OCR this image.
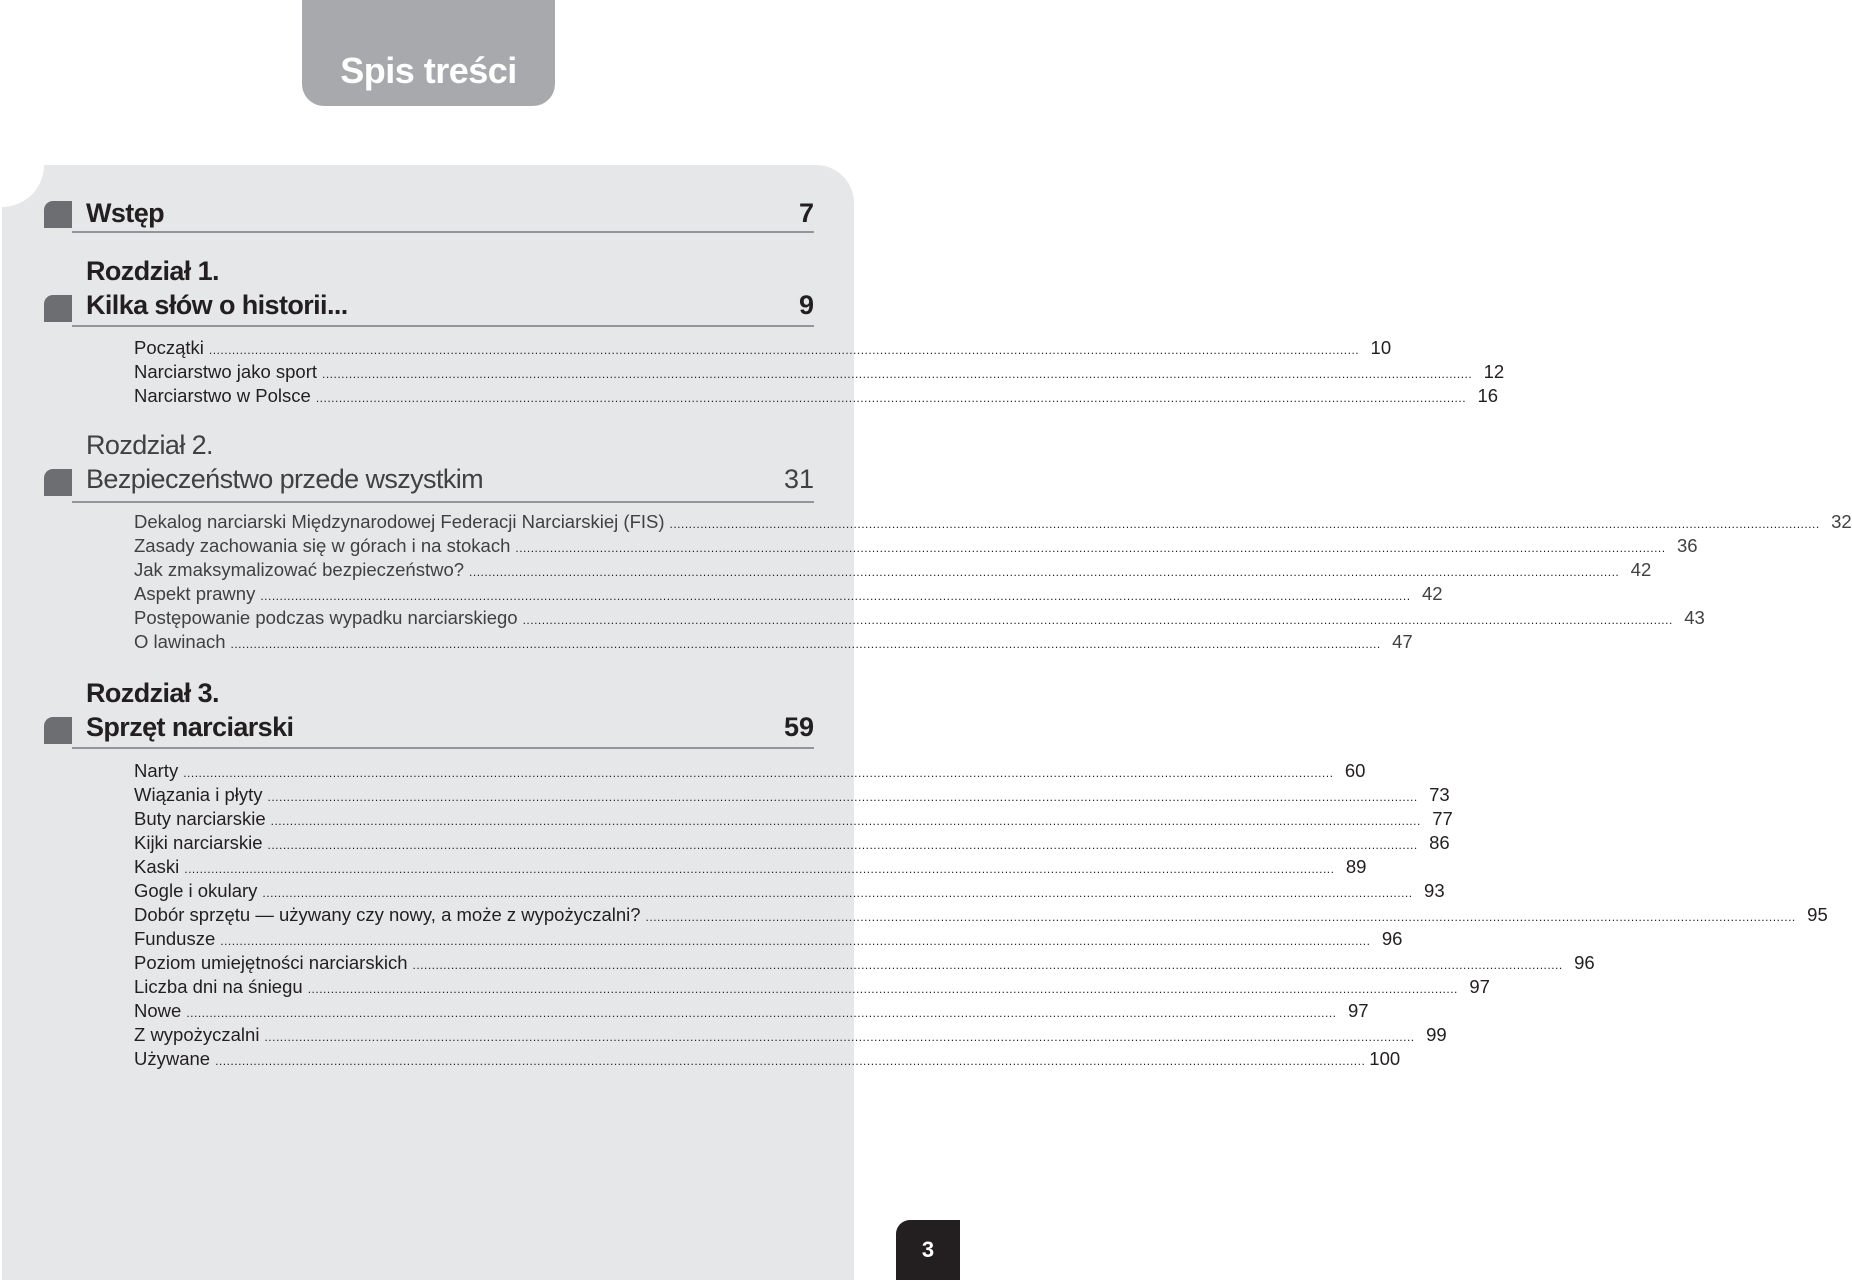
Spis treści
Wstęp	7
Rozdział 1.
Kilka słów o historii...	9
Początki ............................................................................................................................................................................................................................................................................................................ 10
Narciarstwo jako sport ............................................................................................................................................................................................................................................................................................................ 12
Narciarstwo w Polsce ............................................................................................................................................................................................................................................................................................................ 16
Rozdział 2.
Bezpieczeństwo przede wszystkim	31
Dekalog narciarski Międzynarodowej Federacji Narciarskiej (FIS) ............................................................................................................................................................................................................................................................................................................ 32
Zasady zachowania się w górach i na stokach ............................................................................................................................................................................................................................................................................................................ 36
Jak zmaksymalizować bezpieczeństwo? ............................................................................................................................................................................................................................................................................................................ 42
Aspekt prawny ............................................................................................................................................................................................................................................................................................................ 42
Postępowanie podczas wypadku narciarskiego ............................................................................................................................................................................................................................................................................................................ 43
O lawinach ............................................................................................................................................................................................................................................................................................................ 47
Rozdział 3.
Sprzęt narciarski	59
Narty ............................................................................................................................................................................................................................................................................................................ 60
Wiązania i płyty ............................................................................................................................................................................................................................................................................................................ 73
Buty narciarskie ............................................................................................................................................................................................................................................................................................................ 77
Kijki narciarskie ............................................................................................................................................................................................................................................................................................................ 86
Kaski ............................................................................................................................................................................................................................................................................................................ 89
Gogle i okulary ............................................................................................................................................................................................................................................................................................................ 93
Dobór sprzętu — używany czy nowy, a może z wypożyczalni? ............................................................................................................................................................................................................................................................................................................ 95
Fundusze ............................................................................................................................................................................................................................................................................................................ 96
Poziom umiejętności narciarskich ............................................................................................................................................................................................................................................................................................................ 96
Liczba dni na śniegu ............................................................................................................................................................................................................................................................................................................ 97
Nowe ............................................................................................................................................................................................................................................................................................................ 97
Z wypożyczalni ............................................................................................................................................................................................................................................................................................................ 99
Używane ............................................................................................................................................................................................................................................................................................................ 100
3
